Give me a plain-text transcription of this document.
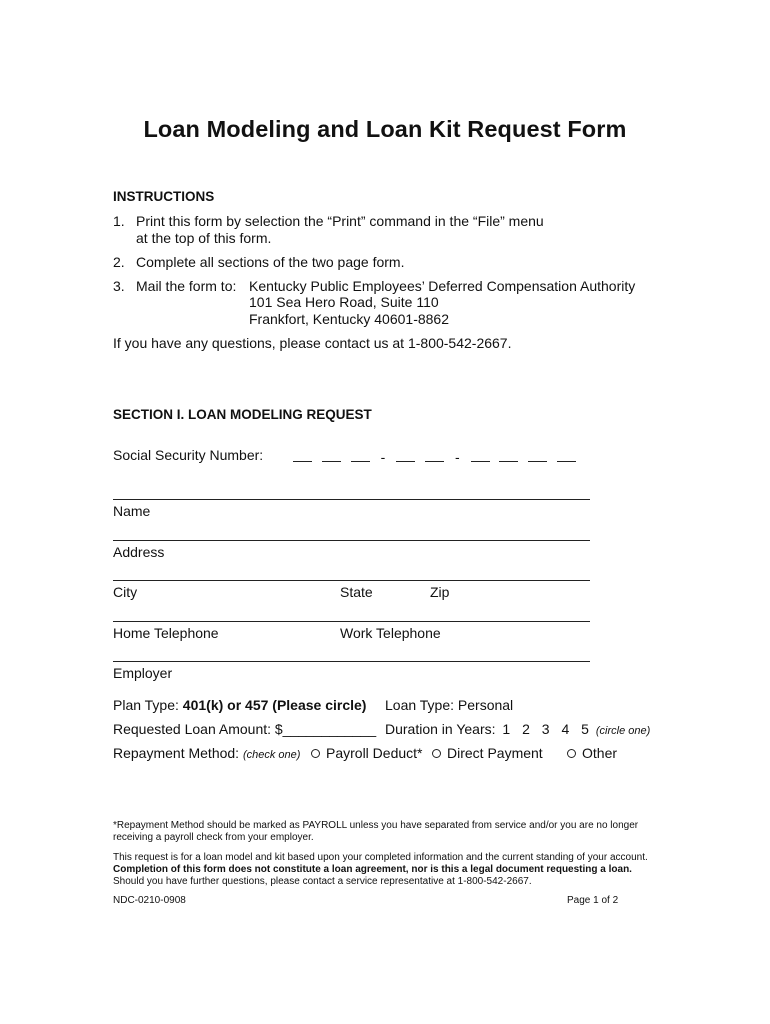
Loan Modeling and Loan Kit Request Form
INSTRUCTIONS
1. Print this form by selection the “Print” command in the “File” menu
at the top of this form.
2. Complete all sections of the two page form.
3. Mail the form to: Kentucky Public Employees’ Deferred Compensation Authority
101 Sea Hero Road, Suite 110
Frankfort, Kentucky 40601-8862
If you have any questions, please contact us at 1-800-542-2667.
SECTION I. LOAN MODELING REQUEST
Social Security Number:	-	-
Name
Address
City	State	Zip
Home Telephone	Work Telephone
Employer
Plan Type: 401(k) or 457 (Please circle) Loan Type: Personal
Requested Loan Amount: $____________ Duration in Years: 1 2 3 4 5 (circle one)
Repayment Method: (check one)	Payroll Deduct*	Direct Payment	Other
*Repayment Method should be marked as PAYROLL unless you have separated from service and/or you are no longer
receiving a payroll check from your employer.
This request is for a loan model and kit based upon your completed information and the current standing of your account.
Completion of this form does not constitute a loan agreement, nor is this a legal document requesting a loan.
Should you have further questions, please contact a service representative at 1-800-542-2667.
NDC-0210-0908	Page 1 of 2
